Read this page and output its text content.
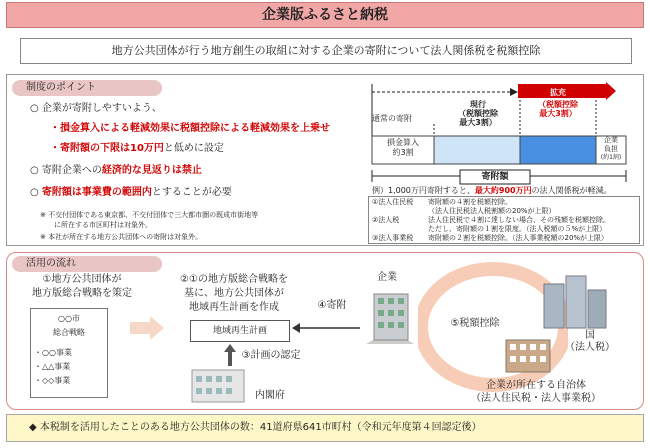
企業版ふるさと納税
地方公共団体が行う地方創生の取組に対する企業の寄附について法人関係税を税額控除
制度のポイント
○ 企業が寄附しやすいよう、
・損金算入による軽減効果に税額控除による軽減効果を上乗せ
・寄附額の下限は10万円と低めに設定
○ 寄附企業への経済的な見返りは禁止
○ 寄附額は事業費の範囲内とすることが必要
※ 不交付団体である東京都、不交付団体で三大都市圏の既成市街地等
に所在する市区町村は対象外。
※ 本社が所在する地方公共団体への寄附は対象外。
通常の寄附
現行
（税額控除
最大3割）
拡充
（税額控除
最大3割）
損金算入
約3割
企業
負担
(約1割)
寄附額
例）1,000万円寄附すると、最大約900万円の法人関係税が軽減。
①法人住民税 寄附額の４割を税額控除。
（法人住民税法人税割額の20%が上限）
②法人税	法人住民税で４割に達しない場合、その残額を税額控除。
ただし、寄附額の１割を限度。（法人税額の５%が上限）
③法人事業税 寄附額の２割を税額控除。（法人事業税額の20%が上限）
活用の流れ
①地方公共団体が
地方版総合戦略を策定
○○市
総合戦略
・○○事業
・△△事業
・◇◇事業
②①の地方版総合戦略を
基に、地方公共団体が
地域再生計画を作成
地域再生計画
③計画の認定
内閣府
④寄附
企業
⑤税額控除
国
（法人税）
企業が所在する自治体
（法人住民税・法人事業税）
◆ 本税制を活用したことのある地方公共団体の数：41道府県641市町村（令和元年度第４回認定後）
